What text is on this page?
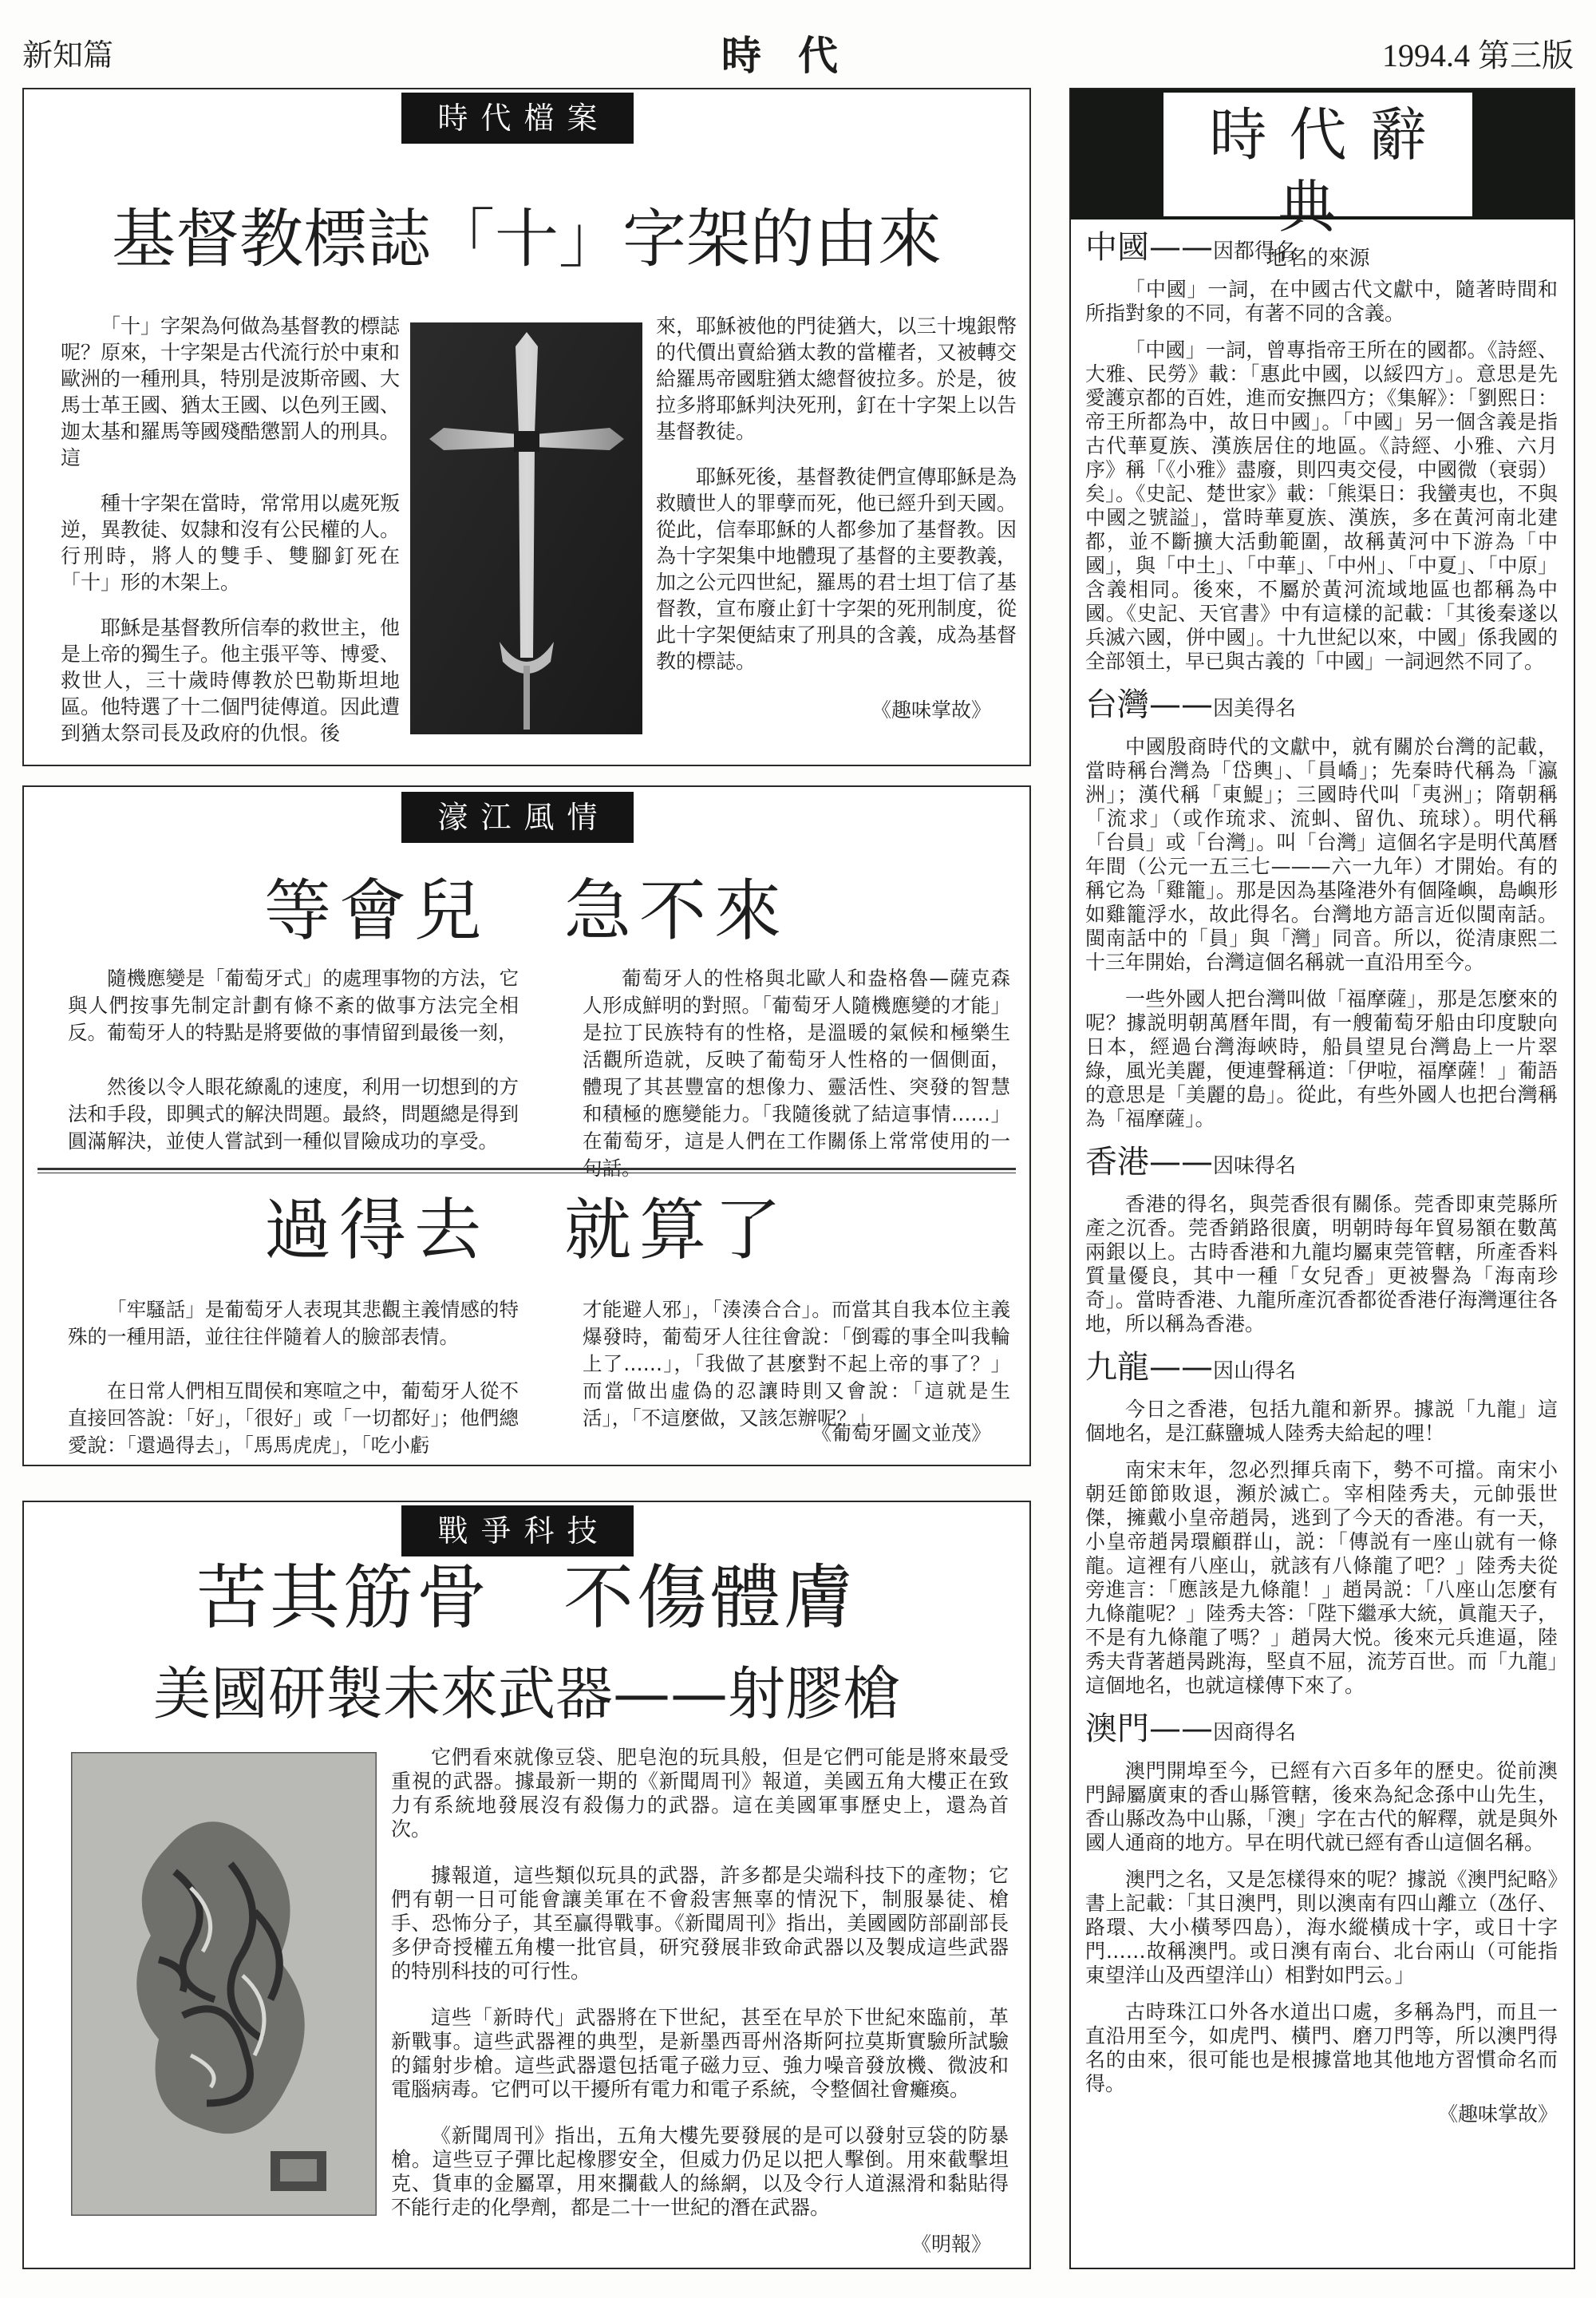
新知篇	時代	1994.4 第三版
時代檔案
基督教標誌「十」字架的由來

「十」字架為何做為基督教的標誌呢？原來，十字架是古代流行於中東和歐洲的一種刑具，特別是波斯帝國、大馬士革王國、猶太王國、以色列王國、迦太基和羅馬等國殘酷懲罰人的刑具。這

種十字架在當時，常常用以處死叛逆，異教徒、奴隸和沒有公民權的人。行刑時，將人的雙手、雙腳釘死在「十」形的木架上。

耶穌是基督教所信奉的救世主，他是上帝的獨生子。他主張平等、博愛、救世人，三十歲時傳教於巴勒斯坦地區。他特選了十二個門徒傳道。因此遭到猶太祭司長及政府的仇恨。後

來，耶穌被他的門徒猶大，以三十塊銀幣的代價出賣給猶太教的當權者，又被轉交給羅馬帝國駐猶太總督彼拉多。於是，彼拉多將耶穌判決死刑，釘在十字架上以告基督教徒。

耶穌死後，基督教徒們宣傳耶穌是為救贖世人的罪孽而死，他已經升到天國。從此，信奉耶穌的人都參加了基督教。因為十字架集中地體現了基督的主要教義，加之公元四世紀，羅馬的君士坦丁信了基督教，宣布廢止釘十字架的死刑制度，從此十字架便結束了刑具的含義，成為基督教的標誌。

《趣味掌故》
濠江風情
等會兒　急不來

隨機應變是「葡萄牙式」的處理事物的方法，它與人們按事先制定計劃有條不紊的做事方法完全相反。葡萄牙人的特點是將要做的事情留到最後一刻，

然後以令人眼花繚亂的速度，利用一切想到的方法和手段，即興式的解決問題。最終，問題總是得到圓滿解決，並使人嘗試到一種似冒險成功的享受。

葡萄牙人的性格與北歐人和盎格魯—薩克森人形成鮮明的對照。「葡萄牙人隨機應變的才能」是拉丁民族特有的性格，是溫暖的氣候和極樂生活觀所造就，反映了葡萄牙人性格的一個側面，體現了其甚豐富的想像力、靈活性、突發的智慧和積極的應變能力。「我隨後就了結這事情……」在葡萄牙，這是人們在工作關係上常常使用的一句話。

過得去　就算了

「牢騷話」是葡萄牙人表現其悲觀主義情感的特殊的一種用語，並往往伴隨着人的臉部表情。

在日常人們相互間侯和寒喧之中，葡萄牙人從不直接回答說：「好」，「很好」或「一切都好」；他們總愛說：「還過得去」，「馬馬虎虎」，「吃小虧

才能避人邪」，「湊湊合合」。而當其自我本位主義爆發時，葡萄牙人往往會說：「倒霉的事全叫我輪上了……」，「我做了甚麼對不起上帝的事了？」而當做出虛偽的忍讓時則又會說：「這就是生活」，「不這麼做，又該怎辦呢？」

《葡萄牙圖文並茂》
戰爭科技
苦其筋骨　不傷體膚
美國研製未來武器——射膠槍

它們看來就像豆袋、肥皂泡的玩具般，但是它們可能是將來最受重視的武器。據最新一期的《新聞周刊》報道，美國五角大樓正在致力有系統地發展沒有殺傷力的武器。這在美國軍事歷史上，還為首次。

據報道，這些類似玩具的武器，許多都是尖端科技下的產物；它們有朝一日可能會讓美軍在不會殺害無辜的情況下，制服暴徒、槍手、恐怖分子，其至贏得戰事。《新聞周刊》指出，美國國防部副部長多伊奇授權五角樓一批官員，研究發展非致命武器以及製成這些武器的特別科技的可行性。

這些「新時代」武器將在下世紀，甚至在早於下世紀來臨前，革新戰事。這些武器裡的典型，是新墨西哥州洛斯阿拉莫斯實驗所試驗的鐳射步槍。這些武器還包括電子磁力豆、強力噪音發放機、微波和電腦病毒。它們可以干擾所有電力和電子系統，令整個社會癱瘓。

《新聞周刊》指出，五角大樓先要發展的是可以發射豆袋的防暴槍。這些豆子彈比起橡膠安全，但威力仍足以把人擊倒。用來截擊坦克、貨車的金屬罩，用來攔截人的絲網，以及令行人道濕滑和黏貼得不能行走的化學劑，都是二十一世紀的潛在武器。

《明報》
時代辭典
地名的來源
中國——因都得名

「中國」一詞，在中國古代文獻中，隨著時間和所指對象的不同，有著不同的含義。

「中國」一詞，曾專指帝王所在的國都。《詩經、大雅、民勞》載：「惠此中國，以綏四方」。意思是先愛護京都的百姓，進而安撫四方；《集解》：「劉熙日：帝王所都為中，故日中國」。「中國」另一個含義是指古代華夏族、漢族居住的地區。《詩經、小雅、六月序》稱「《小雅》盡廢，則四夷交侵，中國微（衰弱）矣」。《史記、楚世家》載：「熊渠日：我蠻夷也，不與中國之號謚」，當時華夏族、漢族，多在黃河南北建都，並不斷擴大活動範圍，故稱黃河中下游為「中國」，與「中土」、「中華」、「中州」、「中夏」、「中原」含義相同。後來，不屬於黃河流域地區也都稱為中國。《史記、天官書》中有這樣的記載：「其後秦遂以兵滅六國，併中國」。十九世紀以來，中國」係我國的全部領土，早已與古義的「中國」一詞迥然不同了。

台灣——因美得名

中國殷商時代的文獻中，就有關於台灣的記載，當時稱台灣為「岱輿」、「員嶠」；先秦時代稱為「瀛洲」；漢代稱「東鯷」；三國時代叫「夷洲」；隋朝稱「流求」（或作琉求、流虯、留仇、琉球）。明代稱「台員」或「台灣」。叫「台灣」這個名字是明代萬曆年間（公元一五三七———六一九年）才開始。有的稱它為「雞籠」。那是因為基隆港外有個隆嶼，島嶼形如雞籠浮水，故此得名。台灣地方語言近似閩南話。閩南話中的「員」與「灣」同音。所以，從清康熙二十三年開始，台灣這個名稱就一直沿用至今。

一些外國人把台灣叫做「福摩薩」，那是怎麼來的呢？據説明朝萬曆年間，有一艘葡萄牙船由印度駛向日本，經過台灣海峽時，船員望見台灣島上一片翠綠，風光美麗，便連聲稱道：「伊啦，福摩薩！」葡語的意思是「美麗的島」。從此，有些外國人也把台灣稱為「福摩薩」。

香港——因味得名

香港的得名，與莞香很有關係。莞香即東莞縣所產之沉香。莞香銷路很廣，明朝時每年貿易額在數萬兩銀以上。古時香港和九龍均屬東莞管轄，所產香料質量優良，其中一種「女兒香」更被譽為「海南珍奇」。當時香港、九龍所產沉香都從香港仔海灣運往各地，所以稱為香港。

九龍——因山得名

今日之香港，包括九龍和新界。據説「九龍」這個地名，是江蘇鹽城人陸秀夫給起的哩！

南宋末年，忽必烈揮兵南下，勢不可擋。南宋小朝廷節節敗退，瀕於滅亡。宰相陸秀夫，元帥張世傑，擁戴小皇帝趙昺，逃到了今天的香港。有一天，小皇帝趙昺環顧群山，説：「傳説有一座山就有一條龍。這裡有八座山，就該有八條龍了吧？」陸秀夫從旁進言：「應該是九條龍！」趙昺説：「八座山怎麼有九條龍呢？」陸秀夫答：「陛下繼承大統，眞龍天子，不是有九條龍了嗎？」趙昺大悦。後來元兵進逼，陸秀夫背著趙昺跳海，堅貞不屈，流芳百世。而「九龍」這個地名，也就這樣傳下來了。

澳門——因商得名

澳門開埠至今，已經有六百多年的歷史。從前澳門歸屬廣東的香山縣管轄，後來為紀念孫中山先生，香山縣改為中山縣，「澳」字在古代的解釋，就是與外國人通商的地方。早在明代就已經有香山這個名稱。

澳門之名，又是怎樣得來的呢？據説《澳門紀略》書上記載：「其日澳門，則以澳南有四山離立（氹仔、路環、大小橫琴四島），海水縱橫成十字，或日十字門……故稱澳門。或日澳有南台、北台兩山（可能指東望洋山及西望洋山）相對如門云。」

古時珠江口外各水道出口處，多稱為門，而且一直沿用至今，如虎門、橫門、磨刀門等，所以澳門得名的由來，很可能也是根據當地其他地方習慣命名而得。

《趣味掌故》
